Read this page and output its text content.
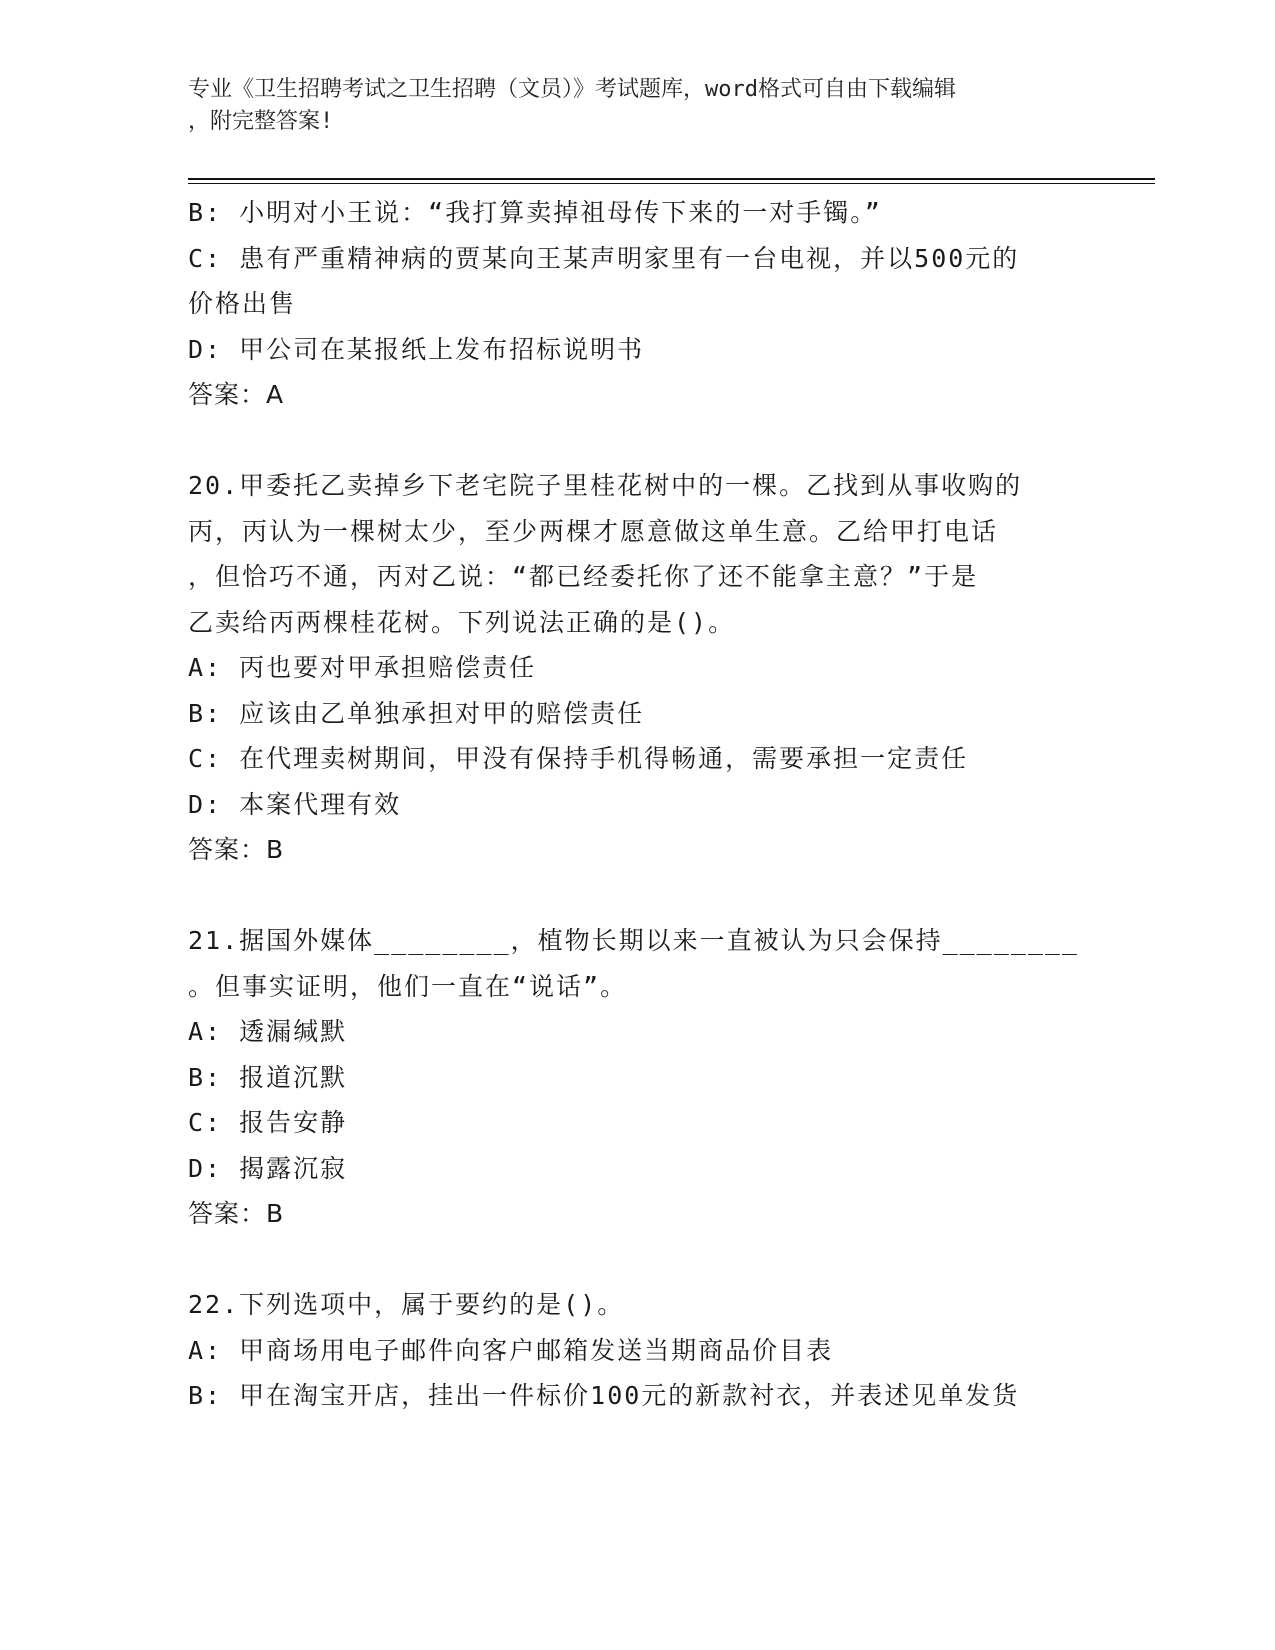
专业《卫生招聘考试之卫生招聘（文员）》考试题库，word格式可自由下载编辑
，附完整答案!
B: 小明对小王说：“我打算卖掉祖母传下来的一对手镯。”
C: 患有严重精神病的贾某向王某声明家里有一台电视，并以500元的
价格出售
D: 甲公司在某报纸上发布招标说明书
答案：A
20.甲委托乙卖掉乡下老宅院子里桂花树中的一棵。乙找到从事收购的
丙，丙认为一棵树太少，至少两棵才愿意做这单生意。乙给甲打电话
，但恰巧不通，丙对乙说：“都已经委托你了还不能拿主意？”于是
乙卖给丙两棵桂花树。下列说法正确的是()。
A: 丙也要对甲承担赔偿责任
B: 应该由乙单独承担对甲的赔偿责任
C: 在代理卖树期间，甲没有保持手机得畅通，需要承担一定责任
D: 本案代理有效
答案：B
21.据国外媒体________，植物长期以来一直被认为只会保持________
。但事实证明，他们一直在“说话”。
A: 透漏缄默
B: 报道沉默
C: 报告安静
D: 揭露沉寂
答案：B
22.下列选项中，属于要约的是()。
A: 甲商场用电子邮件向客户邮箱发送当期商品价目表
B: 甲在淘宝开店，挂出一件标价100元的新款衬衣，并表述见单发货
